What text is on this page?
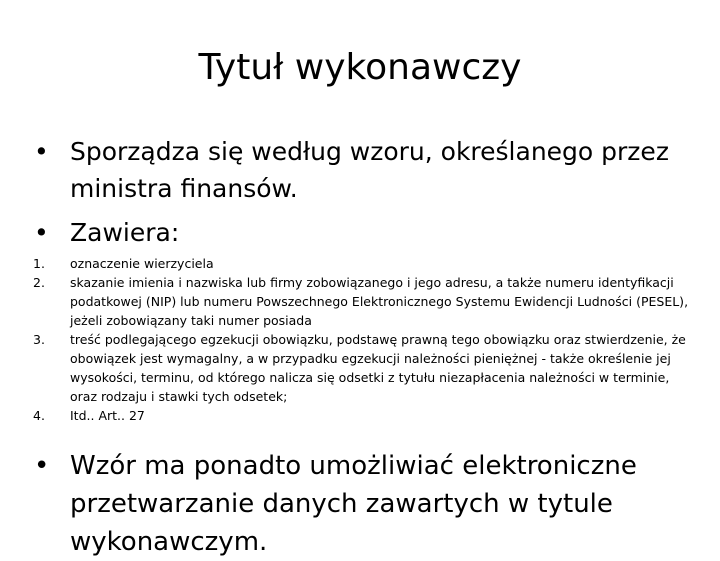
Tytuł wykonawczy
• Sporządza się według wzoru, określanego przez ministra finansów.
• Zawiera:
1.	oznaczenie wierzyciela
2.	skazanie imienia i nazwiska lub firmy zobowiązanego i jego adresu, a także numeru identyfikacji podatkowej (NIP) lub numeru Powszechnego Elektronicznego Systemu Ewidencji Ludności (PESEL), jeżeli zobowiązany taki numer posiada
3.	treść podlegającego egzekucji obowiązku, podstawę prawną tego obowiązku oraz stwierdzenie, że obowiązek jest wymagalny, a w przypadku egzekucji należności pieniężnej - także określenie jej wysokości, terminu, od którego nalicza się odsetki z tytułu niezapłacenia należności w terminie, oraz rodzaju i stawki tych odsetek;
4.	Itd.. Art.. 27
• Wzór ma ponadto umożliwiać elektroniczne przetwarzanie danych zawartych w tytule wykonawczym.
